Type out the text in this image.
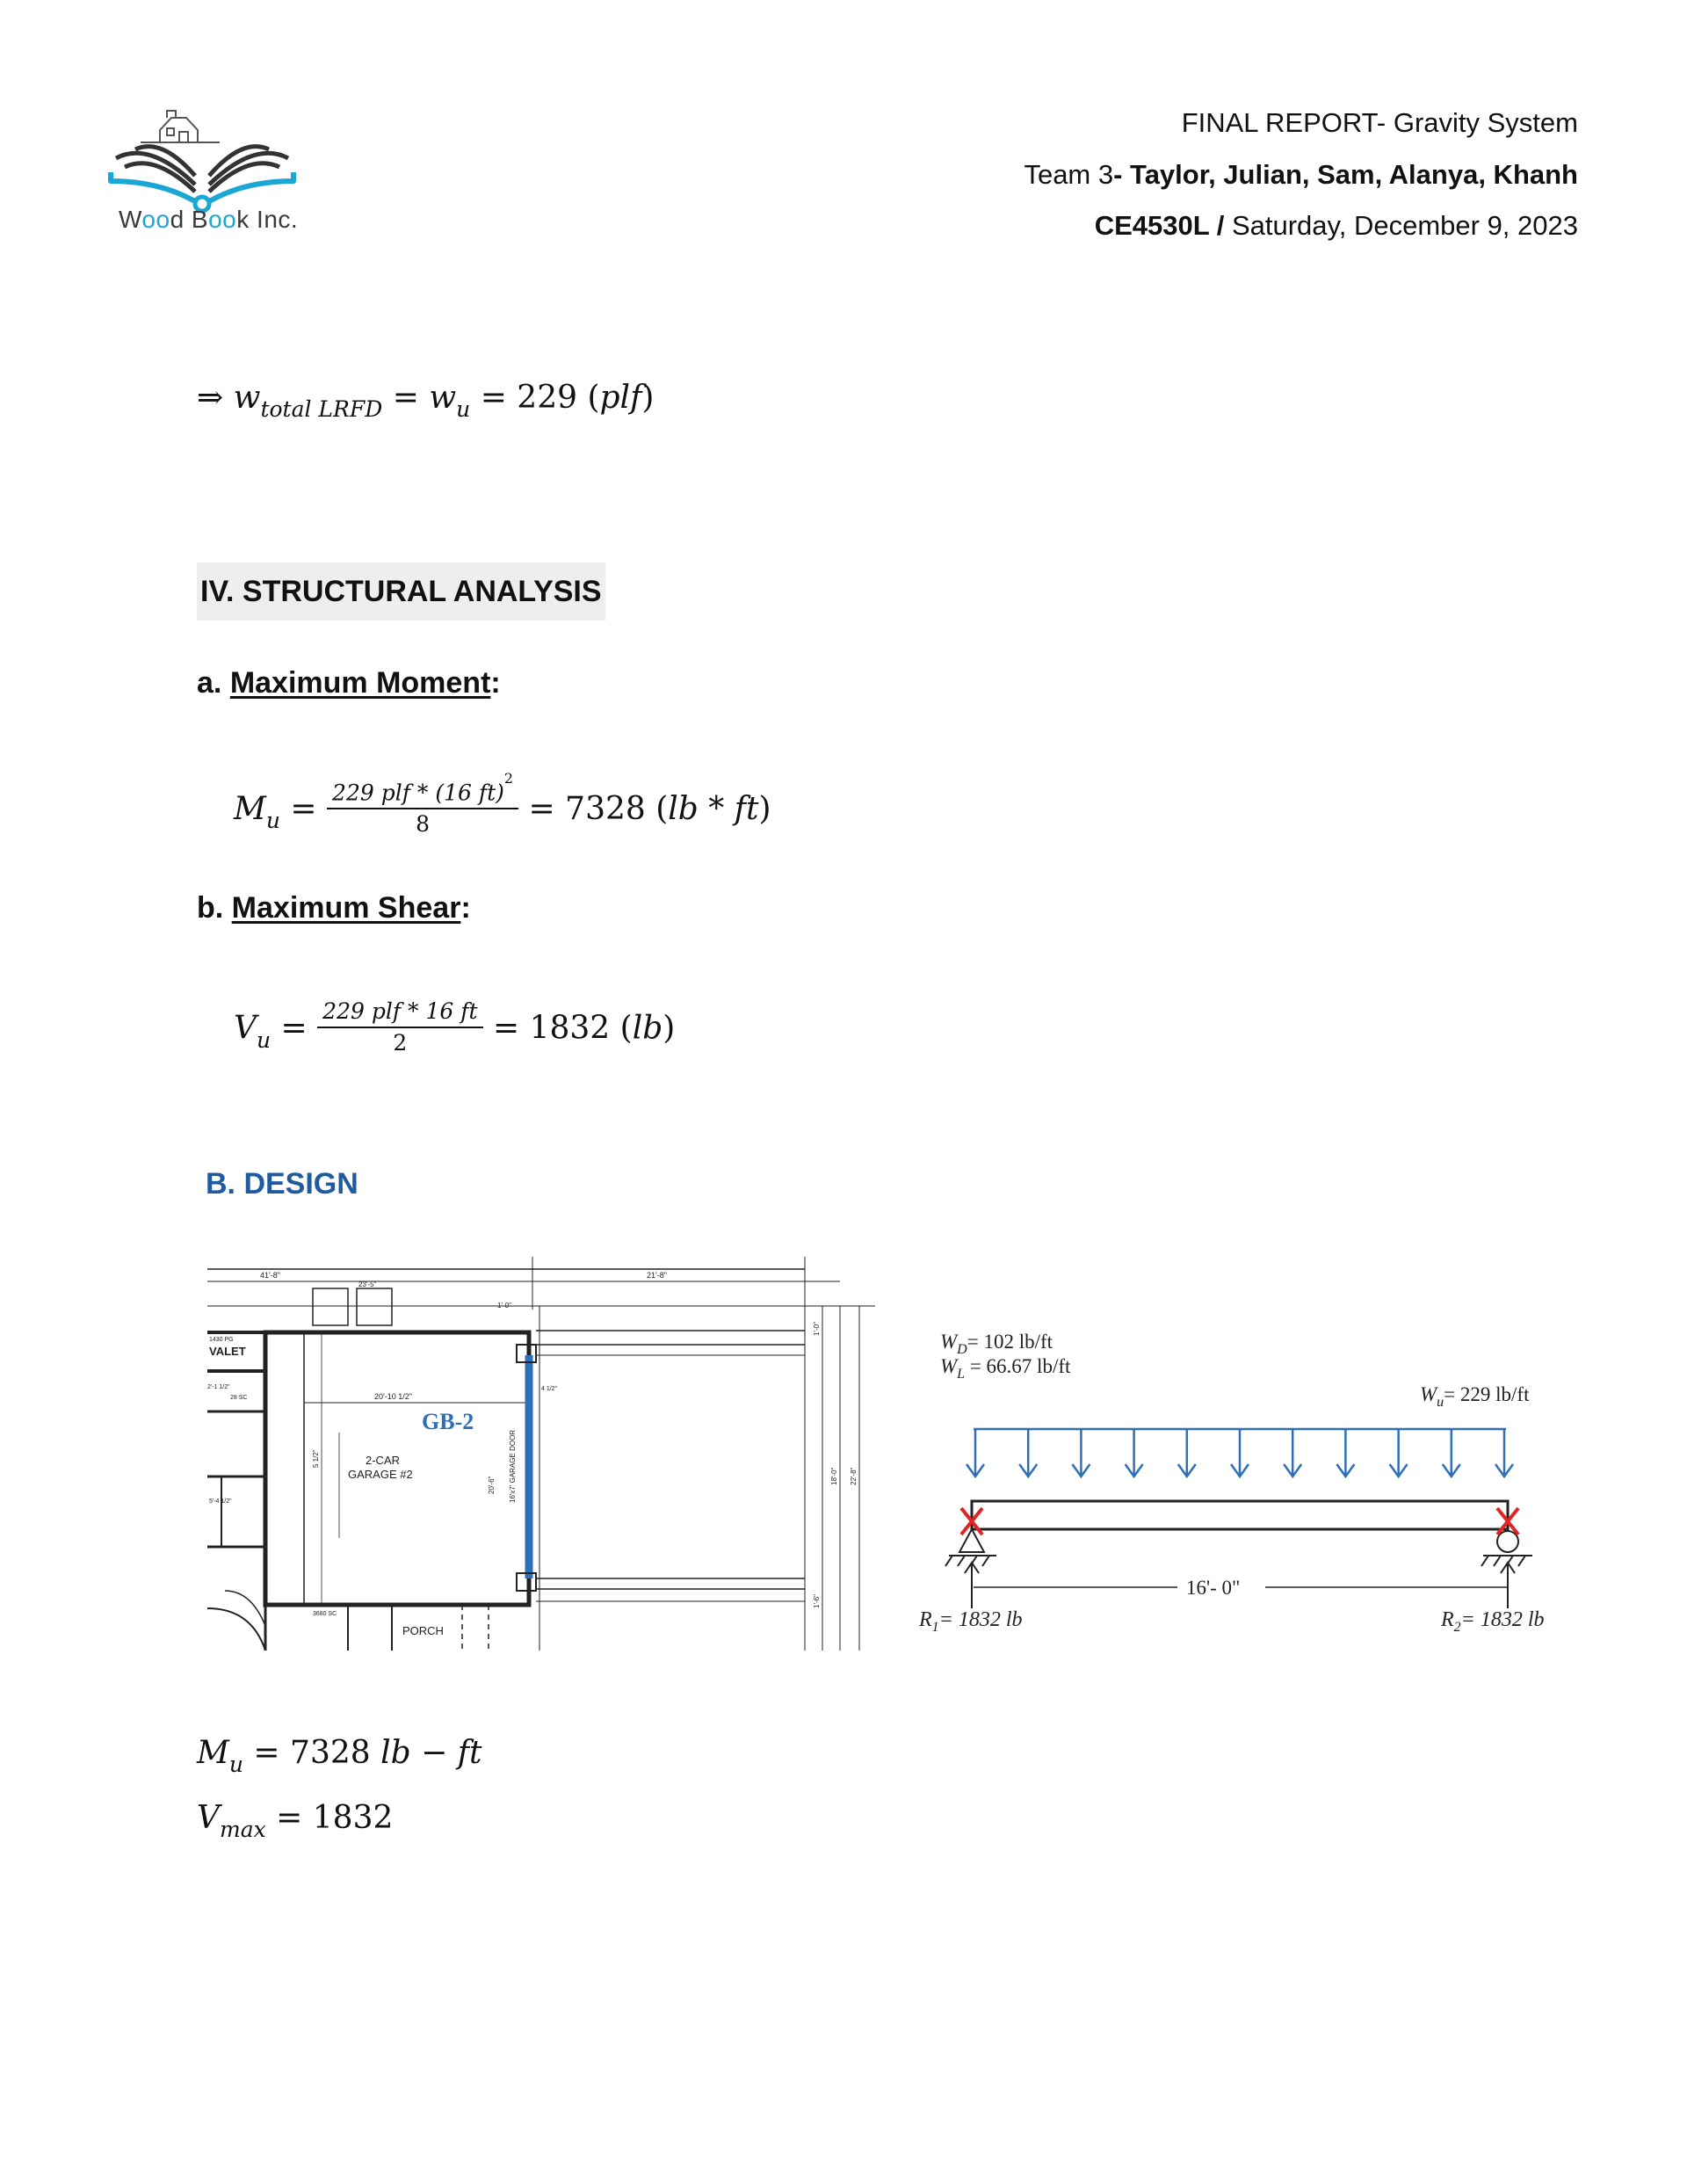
Wood Book Inc.
FINAL REPORT- Gravity System
Team 3- Taylor, Julian, Sam, Alanya, Khanh
CE4530L / Saturday, December 9, 2023
⇒ $w_{total LRFD} = w_u = 229$ (plf)
IV. STRUCTURAL ANALYSIS
a. Maximum Moment:
$M_u = \frac{229 plf * (16 ft)^2}{8} = 7328$ (lb * ft)
b. Maximum Shear:
$V_u = \frac{\text{229 plf * 16 ft}}{2} = 1832$ (lb)
B. DESIGN
41'-8"	21'-8"
23'-5"
1'-0"
VALET
1430 PG
2'-1 1/2"
28 SC
5'-4 1/2"
20'-10 1/2"
GB-2
2-CAR
GARAGE #2
5 1/2"	16'x7' GARAGE DOOR
20'-6"
4 1/2"
18'-0" 22'-8"
1'-0"
1'-6"
3680 SC
PORCH
$W_D= 102$ lb/ft
$W_L = 66.67$ lb/ft
$W_u= 229$ lb/ft
16'- 0"
$R_1= 1832$ lb	$R_2= 1832$ lb
$M_u = 7328$ lb − ft
$V_{max} = 1832$
